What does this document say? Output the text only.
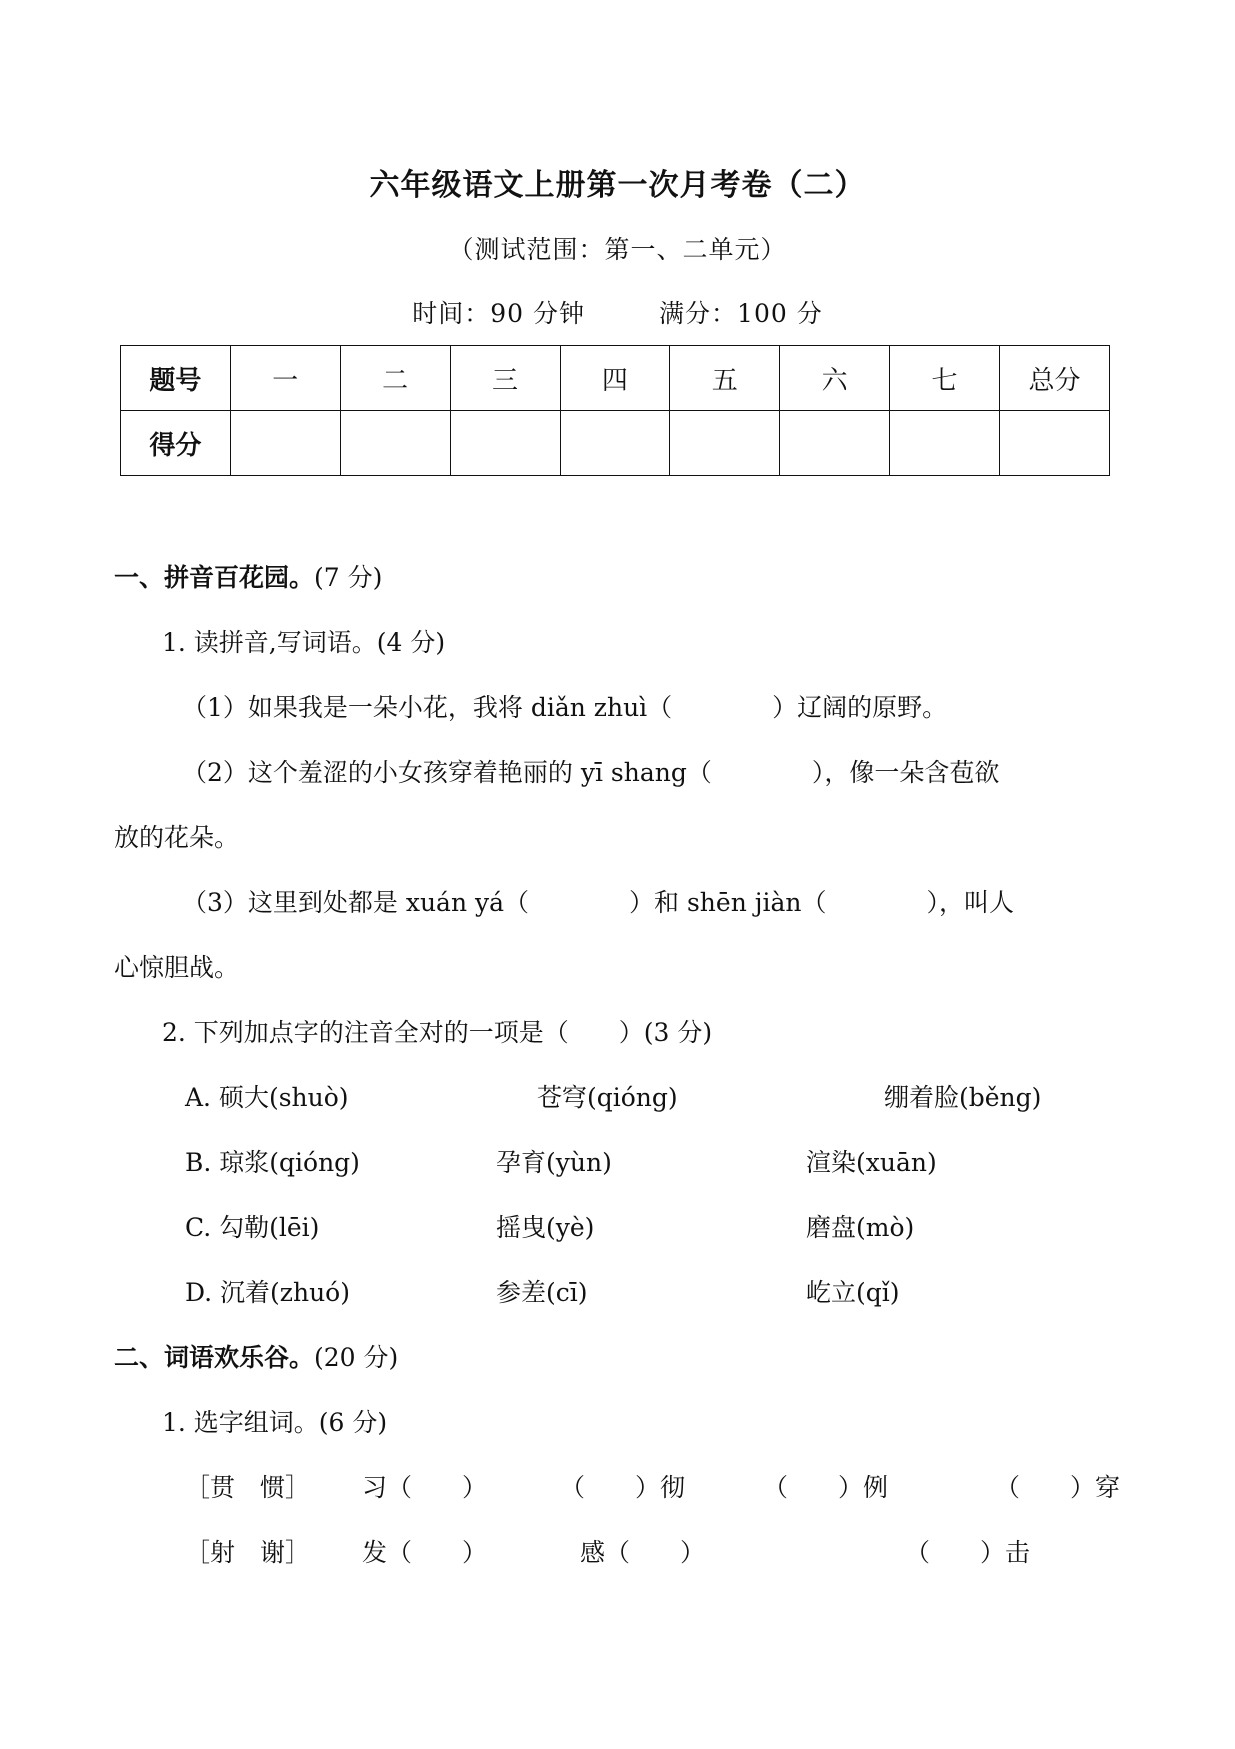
六年级语文上册第一次月考卷（二）
（测试范围：第一、二单元）
时间：90 分钟	满分：100 分
题号	一	二	三	四	五	六	七	总分
得分								
一、拼音百花园。(7 分)
1. 读拼音,写词语。(4 分)
（1）如果我是一朵小花，我将 diǎn zhuì（　　　　）辽阔的原野。
（2）这个羞涩的小女孩穿着艳丽的 yī shang（　　　　），像一朵含苞欲
放的花朵。
（3）这里到处都是 xuán yá（　　　　）和 shēn jiàn（　　　　），叫人
心惊胆战。
2. 下列加点字的注音全对的一项是（　　）(3 分)
A. 硕大(shuò)	苍穹(qióng)	绷着脸(běng)
B. 琼浆(qióng)	孕育(yùn)	渲染(xuān)
C. 勾勒(lēi)	摇曳(yè)	磨盘(mò)
D. 沉着(zhuó)	参差(cī)	屹立(qǐ)
二、词语欢乐谷。(20 分)
1. 选字组词。(6 分)
［贯　惯］ 习（　　）	（　　）彻	（　　）例	（　　）穿
［射　谢］ 发（　　）	感（　　）	（　　）击
